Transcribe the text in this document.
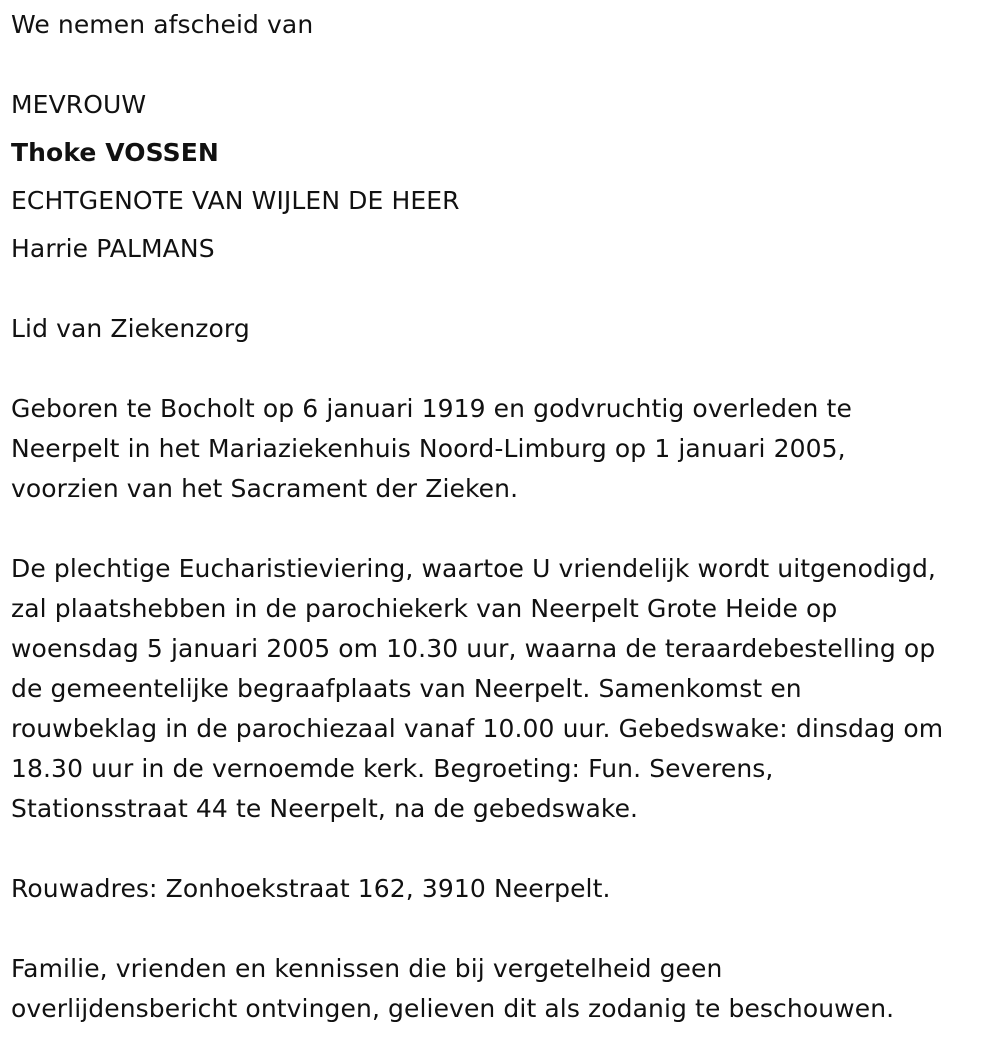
We nemen afscheid van
MEVROUW
Thoke VOSSEN
ECHTGENOTE VAN WIJLEN DE HEER
Harrie PALMANS
Lid van Ziekenzorg
Geboren te Bocholt op 6 januari 1919 en godvruchtig overleden te
Neerpelt in het Mariaziekenhuis Noord-Limburg op 1 januari 2005,
voorzien van het Sacrament der Zieken.
De plechtige Eucharistieviering, waartoe U vriendelijk wordt uitgenodigd,
zal plaatshebben in de parochiekerk van Neerpelt Grote Heide op
woensdag 5 januari 2005 om 10.30 uur, waarna de teraardebestelling op
de gemeentelijke begraafplaats van Neerpelt. Samenkomst en
rouwbeklag in de parochiezaal vanaf 10.00 uur. Gebedswake: dinsdag om
18.30 uur in de vernoemde kerk. Begroeting: Fun. Severens,
Stationsstraat 44 te Neerpelt, na de gebedswake.
Rouwadres: Zonhoekstraat 162, 3910 Neerpelt.
Familie, vrienden en kennissen die bij vergetelheid geen
overlijdensbericht ontvingen, gelieven dit als zodanig te beschouwen.
